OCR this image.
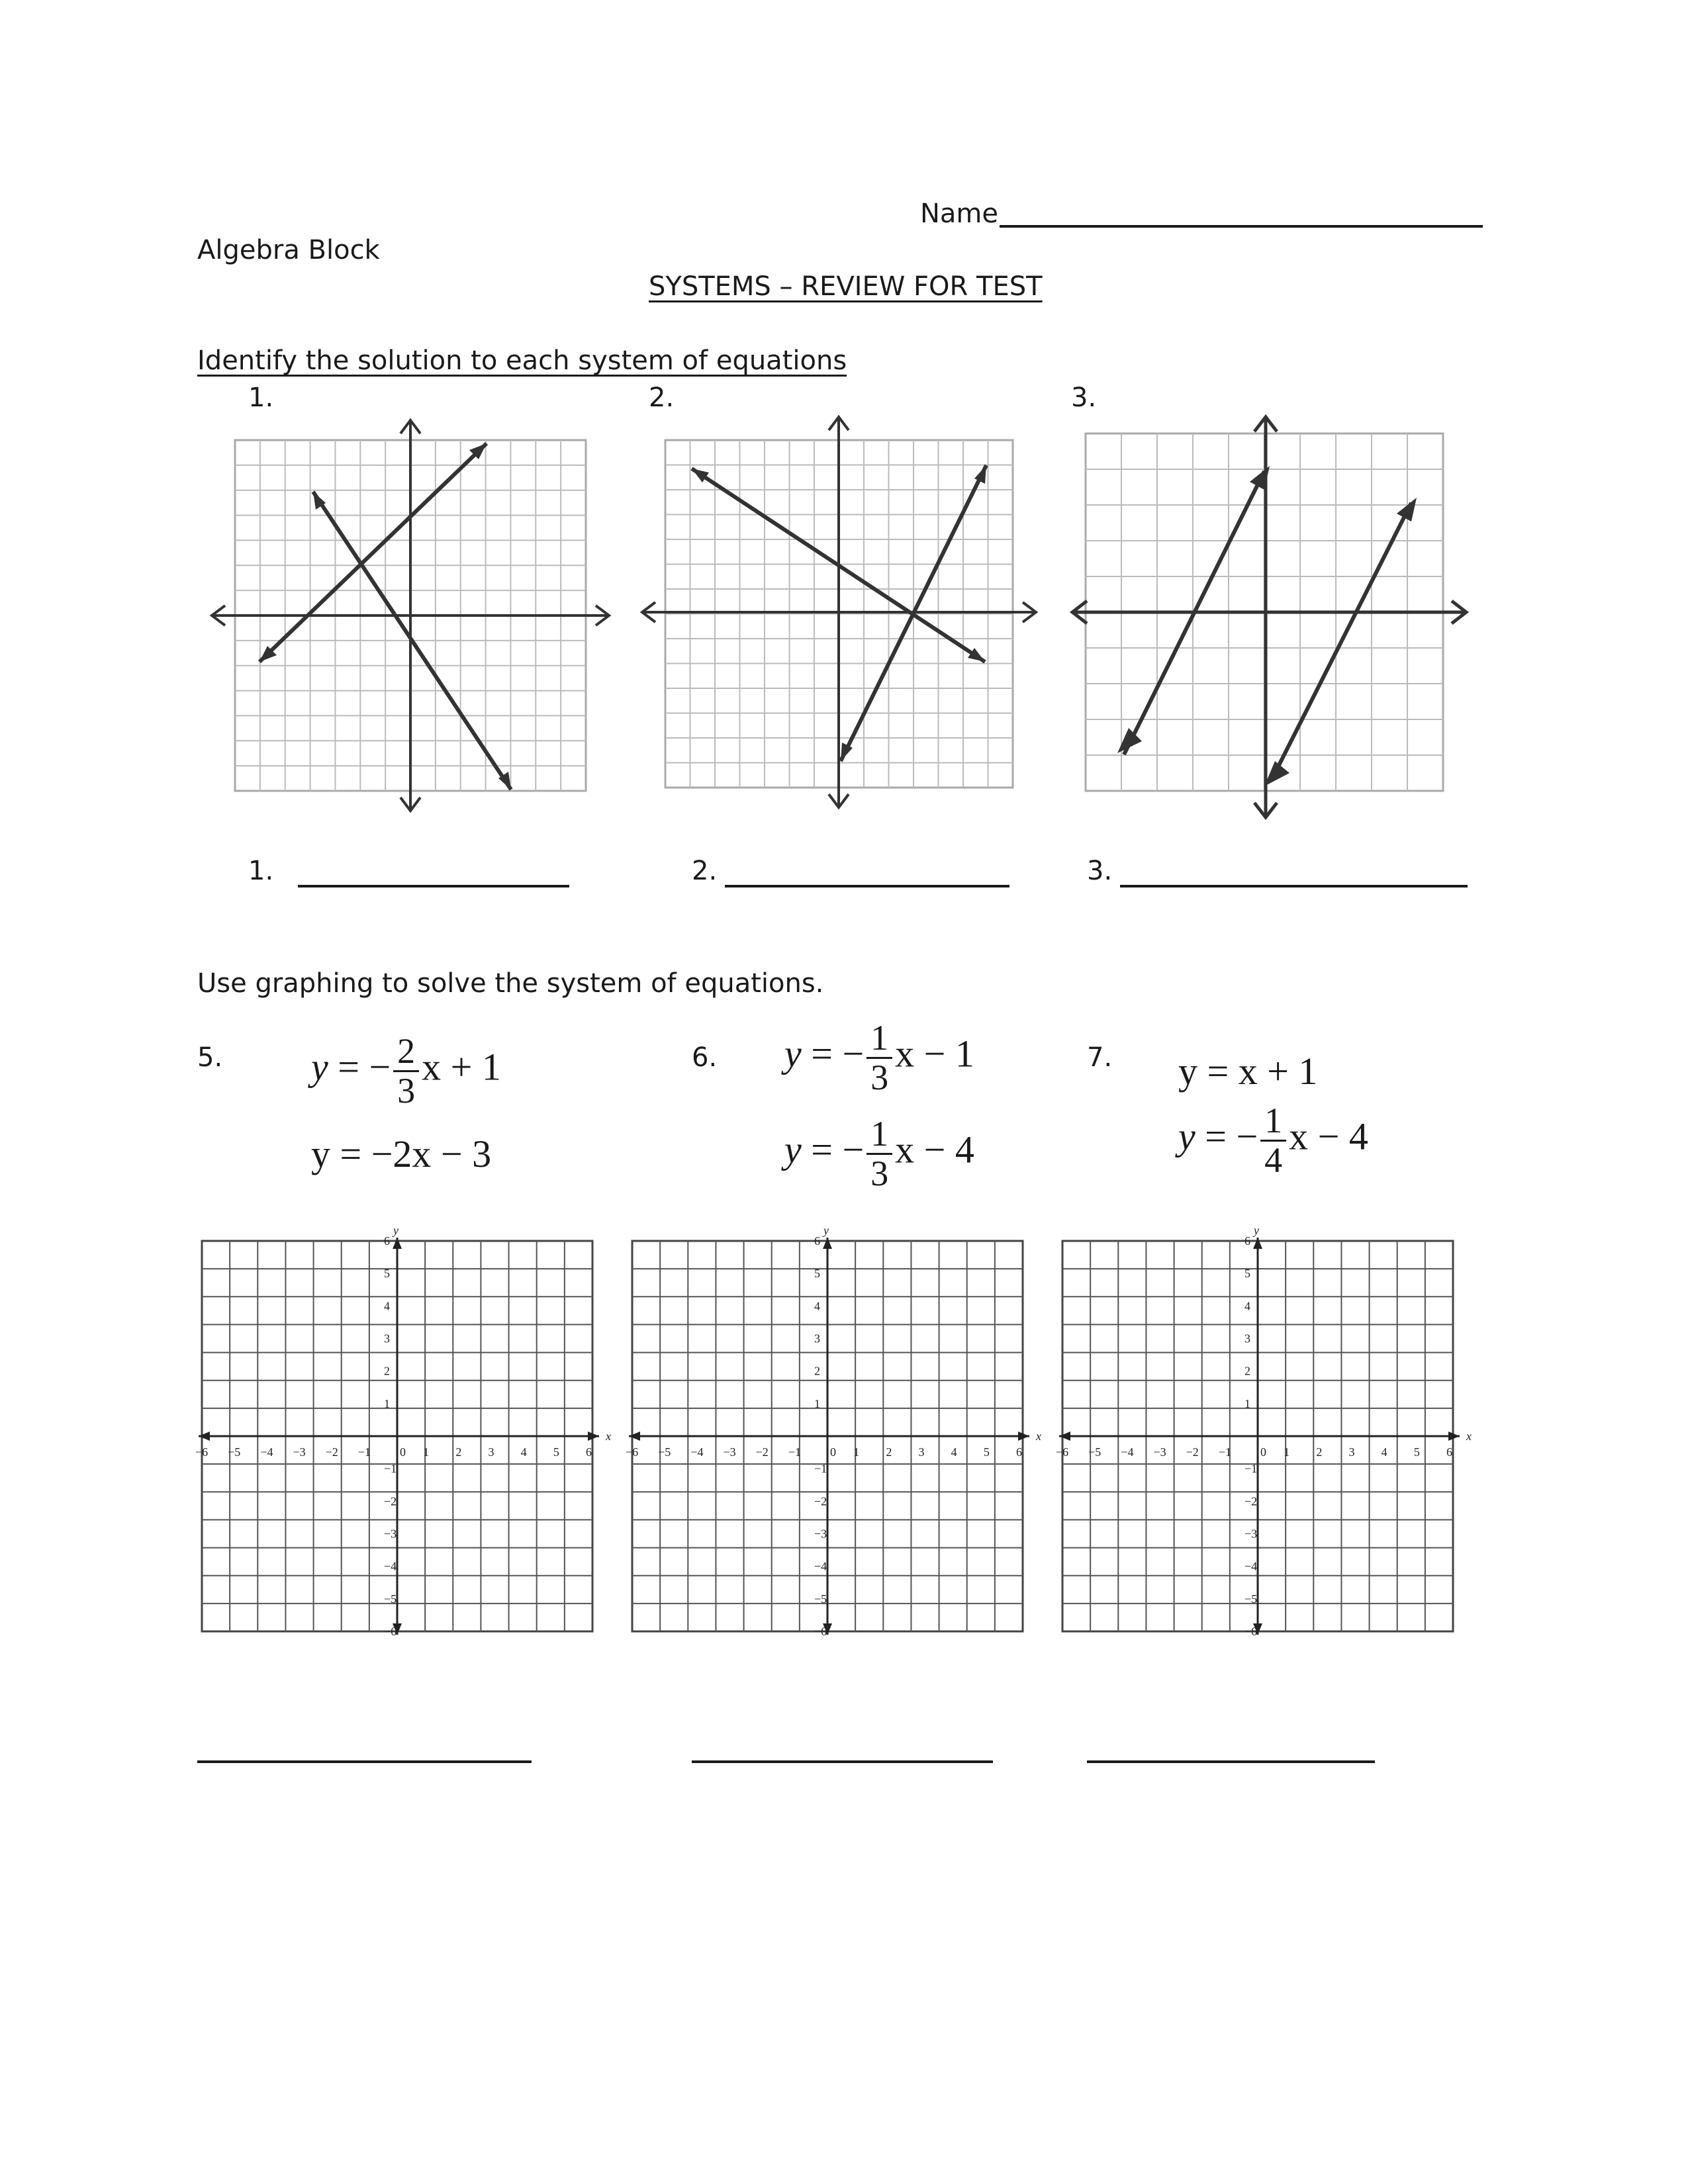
Name
Algebra Block
SYSTEMS – REVIEW FOR TEST
Identify the solution to each system of equations
1.	2.	3.
1.	2.	3.
Use graphing to solve the system of equations.
5.	6.	7.
y = − $\frac{2}{3}$ x + 1
y = −2x − 3
y = − $\frac{1}{3}$ x − 1
y = − $\frac{1}{3}$ x − 4
y = x + 1
y = − $\frac{1}{4}$ x − 4
x
y
0
−6 −5 −4 −3 −2 −1	1 2 3 4 5 6
6
5
4
3
2
1
−1
−2
−3
−4
−5
−6
x
y
0
−6 −5 −4 −3 −2 −1	1 2 3 4 5 6
6
5
4
3
2
1
−1
−2
−3
−4
−5
−6
x
y
0
−6 −5 −4 −3 −2 −1	1 2 3 4 5 6
6
5
4
3
2
1
−1
−2
−3
−4
−5
−6
